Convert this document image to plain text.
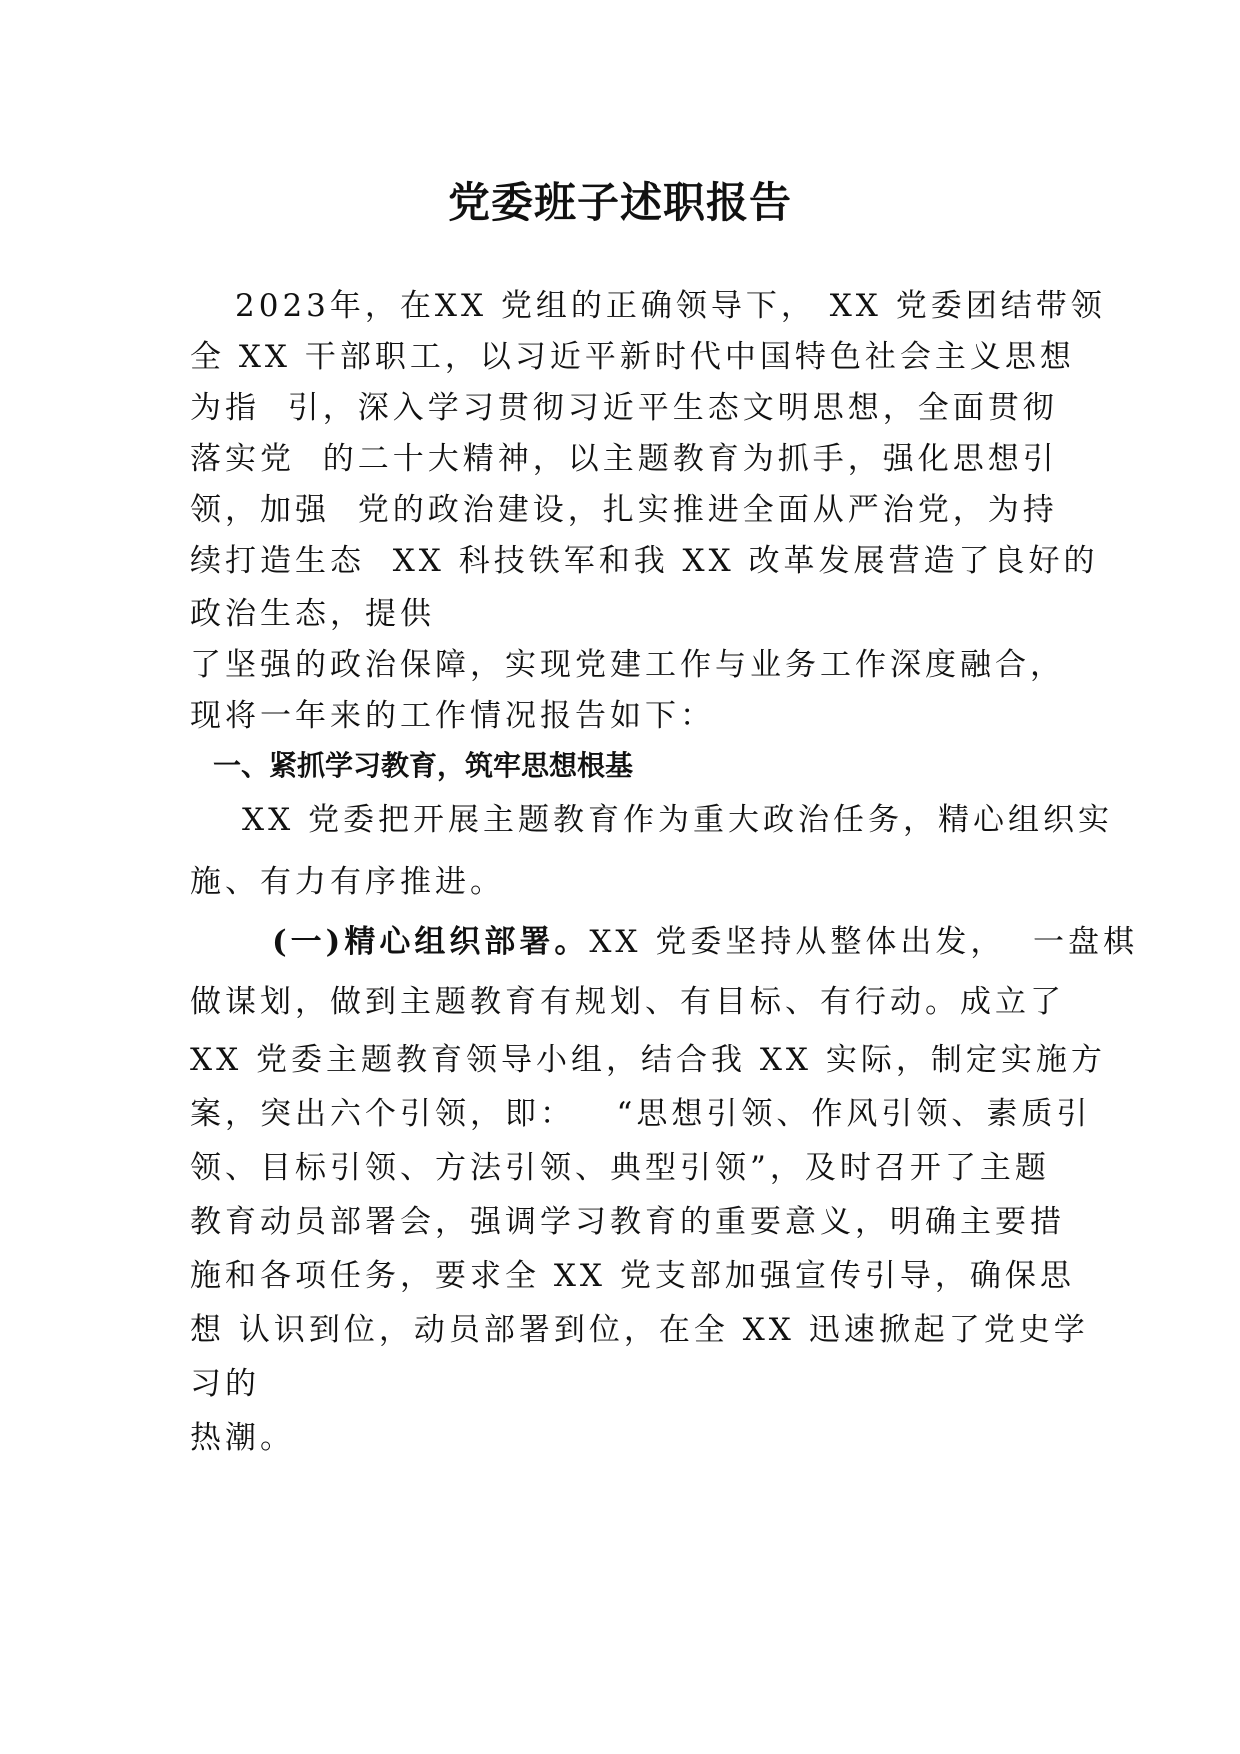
党委班子述职报告
2023年，在XX 党组的正确领导下， XX 党委团结带领
全 XX 干部职工，以习近平新时代中国特色社会主义思想
为指  引，深入学习贯彻习近平生态文明思想，全面贯彻
落实党  的二十大精神，以主题教育为抓手，强化思想引
领，加强  党的政治建设，扎实推进全面从严治党，为持
续打造生态  XX 科技铁军和我 XX 改革发展营造了良好的
政治生态，提供
了坚强的政治保障，实现党建工作与业务工作深度融合，
现将一年来的工作情况报告如下：
一、紧抓学习教育，筑牢思想根基
XX 党委把开展主题教育作为重大政治任务，精心组织实
施、有力有序推进。
(一)精心组织部署。XX 党委坚持从整体出发，  一盘棋
做谋划，做到主题教育有规划、有目标、有行动。成立了
XX 党委主题教育领导小组，结合我 XX 实际，制定实施方
案，突出六个引领，即：   “思想引领、作风引领、素质引
领、目标引领、方法引领、典型引领”，及时召开了主题
教育动员部署会，强调学习教育的重要意义，明确主要措
施和各项任务，要求全 XX 党支部加强宣传引导，确保思
想 认识到位，动员部署到位，在全 XX 迅速掀起了党史学
习的
热潮。
